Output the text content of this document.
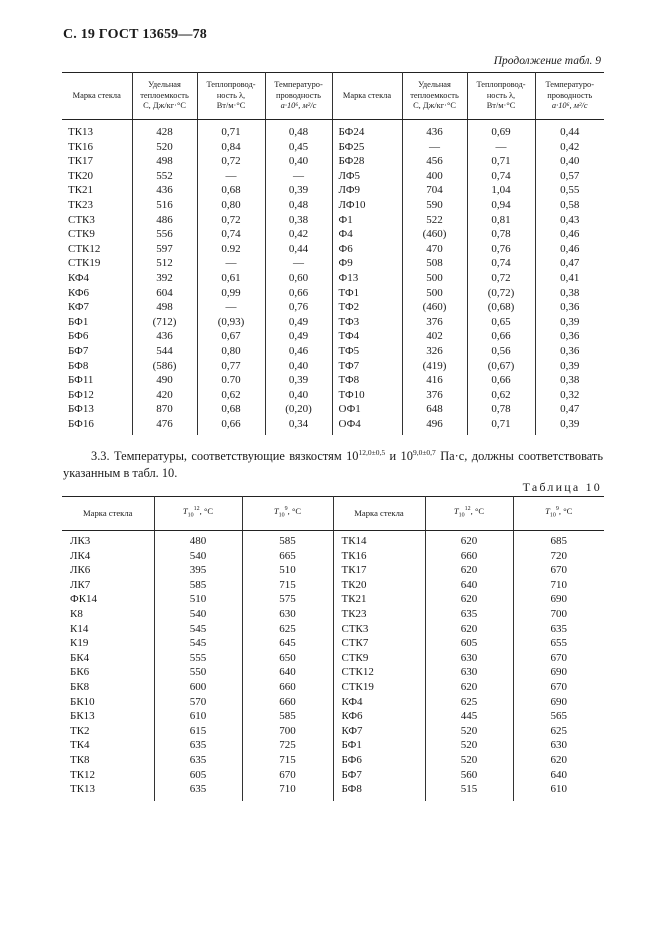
С. 19 ГОСТ 13659—78
Продолжение табл. 9
Марка стекла	Удельная
теплоемкость
С, Дж/кг·°С	Теплопровод-
ность λ,
Вт/м·°С	Температуро-
проводность
а·10⁶, м²/с	Марка стекла	Удельная
теплоемкость
С, Дж/кг·°С	Теплопровод-
ность λ,
Вт/м·°С	Температуро-
проводность
а·10⁶, м²/с
ТК13	428	0,71	0,48	БФ24	436	0,69	0,44
ТК16	520	0,84	0,45	БФ25	—	—	0,42
ТК17	498	0,72	0,40	БФ28	456	0,71	0,40
ТК20	552	—	—	ЛФ5	400	0,74	0,57
ТК21	436	0,68	0,39	ЛФ9	704	1,04	0,55
ТК23	516	0,80	0,48	ЛФ10	590	0,94	0,58
СТК3	486	0,72	0,38	Ф1	522	0,81	0,43
СТК9	556	0,74	0,42	Ф4	(460)	0,78	0,46
СТК12	597	0.92	0,44	Ф6	470	0,76	0,46
СТК19	512	—	—	Ф9	508	0,74	0,47
КФ4	392	0,61	0,60	Ф13	500	0,72	0,41
КФ6	604	0,99	0,66	ТФ1	500	(0,72)	0,38
КФ7	498	—	0,76	ТФ2	(460)	(0,68)	0,36
БФ1	(712)	(0,93)	0,49	ТФ3	376	0,65	0,39
БФ6	436	0,67	0,49	ТФ4	402	0,66	0,36
БФ7	544	0,80	0,46	ТФ5	326	0,56	0,36
БФ8	(586)	0,77	0,40	ТФ7	(419)	(0,67)	0,39
БФ11	490	0.70	0,39	ТФ8	416	0,66	0,38
БФ12	420	0,62	0,40	ТФ10	376	0,62	0,32
БФ13	870	0,68	(0,20)	ОФ1	648	0,78	0,47
БФ16	476	0,66	0,34	ОФ4	496	0,71	0,39
3.3. Температуры, соответствующие вязкостям $10^{12,0\pm 0,5}$ и $10^{9,0\pm 0,7}$ Па·с, должны соответствовать указанным в табл. 10.
Таблица 10
Марка стекла	$T_{10}^{12}$, °С	$T_{10}^9$, °С	Марка стекла	$T_{10}^{12}$, °С	$T_{10}^9$, °С
ЛК3	480	585	ТК14	620	685
ЛК4	540	665	ТК16	660	720
ЛК6	395	510	ТК17	620	670
ЛК7	585	715	ТК20	640	710
ФК14	510	575	ТК21	620	690
К8	540	630	ТК23	635	700
К14	545	625	СТК3	620	635
К19	545	645	СТК7	605	655
БК4	555	650	СТК9	630	670
БК6	550	640	СТК12	630	690
БК8	600	660	СТК19	620	670
БК10	570	660	КФ4	625	690
БК13	610	585	КФ6	445	565
ТК2	615	700	КФ7	520	625
ТК4	635	725	БФ1	520	630
ТК8	635	715	БФ6	520	620
ТК12	605	670	БФ7	560	640
ТК13	635	710	БФ8	515	610
